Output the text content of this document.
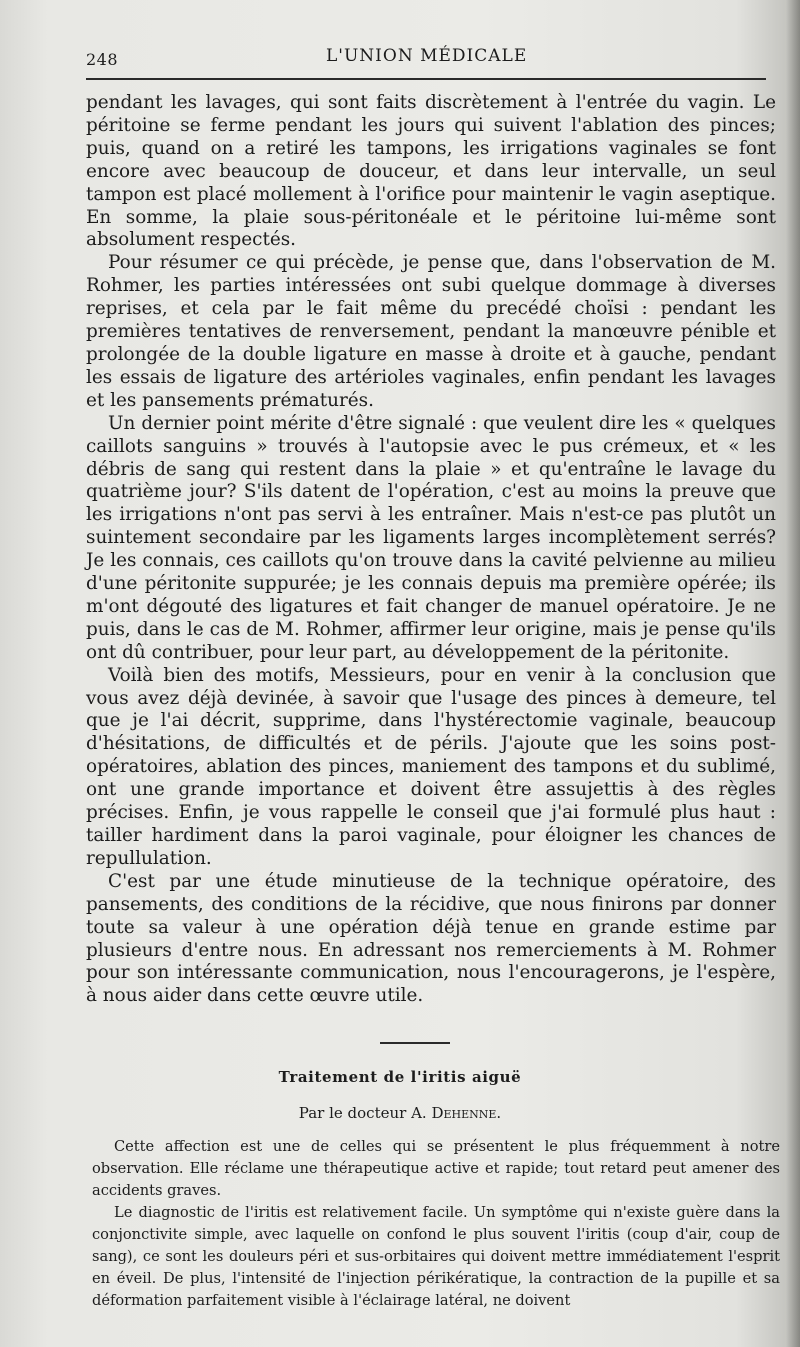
248	L'UNION MÉDICALE

pendant les lavages, qui sont faits discrètement à l'entrée du vagin. Le péritoine se ferme pendant les jours qui suivent l'ablation des pinces; puis, quand on a retiré les tampons, les irrigations vaginales se font encore avec beaucoup de douceur, et dans leur intervalle, un seul tampon est placé mollement à l'orifice pour maintenir le vagin aseptique. En somme, la plaie sous-péritonéale et le péritoine lui-même sont absolument respectés.

Pour résumer ce qui précède, je pense que, dans l'observation de M. Rohmer, les parties intéressées ont subi quelque dommage à diverses reprises, et cela par le fait même du precédé choïsi : pendant les premières tentatives de renversement, pendant la manœuvre pénible et prolongée de la double ligature en masse à droite et à gauche, pendant les essais de ligature des artérioles vaginales, enfin pendant les lavages et les pansements prématurés.

Un dernier point mérite d'être signalé : que veulent dire les « quelques caillots sanguins » trouvés à l'autopsie avec le pus crémeux, et « les débris de sang qui restent dans la plaie » et qu'entraîne le lavage du quatrième jour? S'ils datent de l'opération, c'est au moins la preuve que les irrigations n'ont pas servi à les entraîner. Mais n'est-ce pas plutôt un suintement secondaire par les ligaments larges incomplètement serrés? Je les connais, ces caillots qu'on trouve dans la cavité pelvienne au milieu d'une péritonite suppurée; je les connais depuis ma première opérée; ils m'ont dégouté des ligatures et fait changer de manuel opératoire. Je ne puis, dans le cas de M. Rohmer, affirmer leur origine, mais je pense qu'ils ont dû contribuer, pour leur part, au développement de la péritonite.

Voilà bien des motifs, Messieurs, pour en venir à la conclusion que vous avez déjà devinée, à savoir que l'usage des pinces à demeure, tel que je l'ai décrit, supprime, dans l'hystérectomie vaginale, beaucoup d'hésitations, de difficultés et de périls. J'ajoute que les soins post-opératoires, ablation des pinces, maniement des tampons et du sublimé, ont une grande importance et doivent être assujettis à des règles précises. Enfin, je vous rappelle le conseil que j'ai formulé plus haut : tailler hardiment dans la paroi vaginale, pour éloigner les chances de repullulation.

C'est par une étude minutieuse de la technique opératoire, des pansements, des conditions de la récidive, que nous finirons par donner toute sa valeur à une opération déjà tenue en grande estime par plusieurs d'entre nous. En adressant nos remerciements à M. Rohmer pour son intéressante communication, nous l'encouragerons, je l'espère, à nous aider dans cette œuvre utile.

Traitement de l'iritis aiguë
Par le docteur A. Dehenne.

Cette affection est une de celles qui se présentent le plus fréquemment à notre observation. Elle réclame une thérapeutique active et rapide; tout retard peut amener des accidents graves.

Le diagnostic de l'iritis est relativement facile. Un symptôme qui n'existe guère dans la conjonctivite simple, avec laquelle on confond le plus souvent l'iritis (coup d'air, coup de sang), ce sont les douleurs péri et sus-orbitaires qui doivent mettre immédiatement l'esprit en éveil. De plus, l'intensité de l'injection périkératique, la contraction de la pupille et sa déformation parfaitement visible à l'éclairage latéral, ne doivent
